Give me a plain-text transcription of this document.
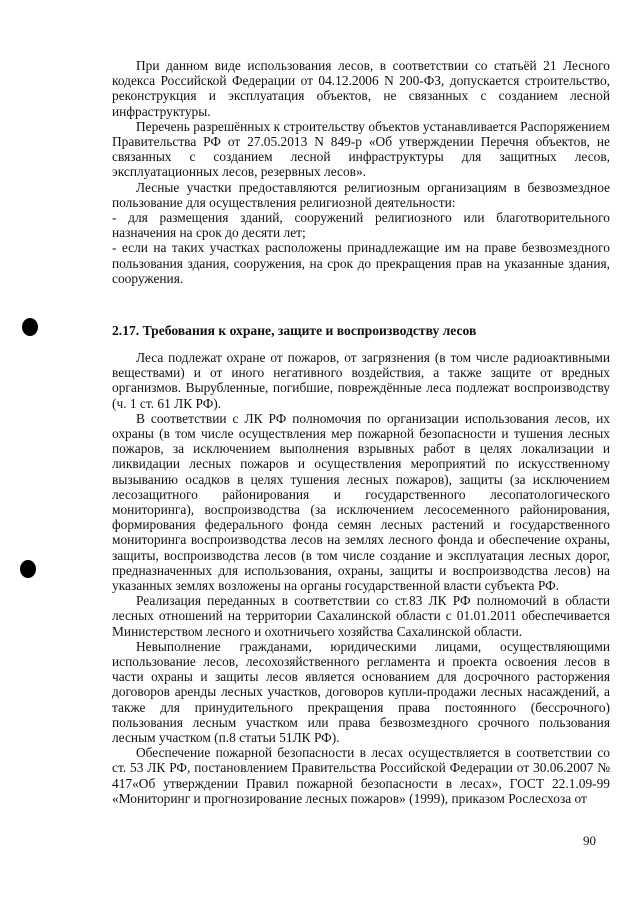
При данном виде использования лесов, в соответствии со статьёй 21 Лесного кодекса Российской Федерации от 04.12.2006 N 200-ФЗ, допускается строительство, реконструкция и эксплуатация объектов, не связанных с созданием лесной инфраструктуры.

Перечень разрешённых к строительству объектов устанавливается Распоряжением Правительства РФ от 27.05.2013 N 849-р «Об утверждении Перечня объектов, не связанных с созданием лесной инфраструктуры для защитных лесов, эксплуатационных лесов, резервных лесов».

Лесные участки предоставляются религиозным организациям в безвозмездное пользование для осуществления религиозной деятельности:

- для размещения зданий, сооружений религиозного или благотворительного назначения на срок до десяти лет;

- если на таких участках расположены принадлежащие им на праве безвозмездного пользования здания, сооружения, на срок до прекращения прав на указанные здания, сооружения.

2.17. Требования к охране, защите и воспроизводству лесов

Леса подлежат охране от пожаров, от загрязнения (в том числе радиоактивными веществами) и от иного негативного воздействия, а также защите от вредных организмов. Вырубленные, погибшие, повреждённые леса подлежат воспроизводству (ч. 1 ст. 61 ЛК РФ).

В соответствии с ЛК РФ полномочия по организации использования лесов, их охраны (в том числе осуществления мер пожарной безопасности и тушения лесных пожаров, за исключением выполнения взрывных работ в целях локализации и ликвидации лесных пожаров и осуществления мероприятий по искусственному вызыванию осадков в целях тушения лесных пожаров), защиты (за исключением лесозащитного районирования и государственного лесопатологического мониторинга), воспроизводства (за исключением лесосеменного районирования, формирования федерального фонда семян лесных растений и государственного мониторинга воспроизводства лесов на землях лесного фонда и обеспечение охраны, защиты, воспроизводства лесов (в том числе создание и эксплуатация лесных дорог, предназначенных для использования, охраны, защиты и воспроизводства лесов) на указанных землях возложены на органы государственной власти субъекта РФ.

Реализация переданных в соответствии со ст.83 ЛК РФ полномочий в области лесных отношений на территории Сахалинской области с 01.01.2011 обеспечивается Министерством лесного и охотничьего хозяйства Сахалинской области.

Невыполнение гражданами, юридическими лицами, осуществляющими использование лесов, лесохозяйственного регламента и проекта освоения лесов в части охраны и защиты лесов является основанием для досрочного расторжения договоров аренды лесных участков, договоров купли-продажи лесных насаждений, а также для принудительного прекращения права постоянного (бессрочного) пользования лесным участком или права безвозмездного срочного пользования лесным участком (п.8 статьи 51ЛК РФ).

Обеспечение пожарной безопасности в лесах осуществляется в соответствии со ст. 53 ЛК РФ, постановлением Правительства Российской Федерации от 30.06.2007 № 417«Об утверждении Правил пожарной безопасности в лесах», ГОСТ 22.1.09-99 «Мониторинг и прогнозирование лесных пожаров» (1999), приказом Рослесхоза от

90
